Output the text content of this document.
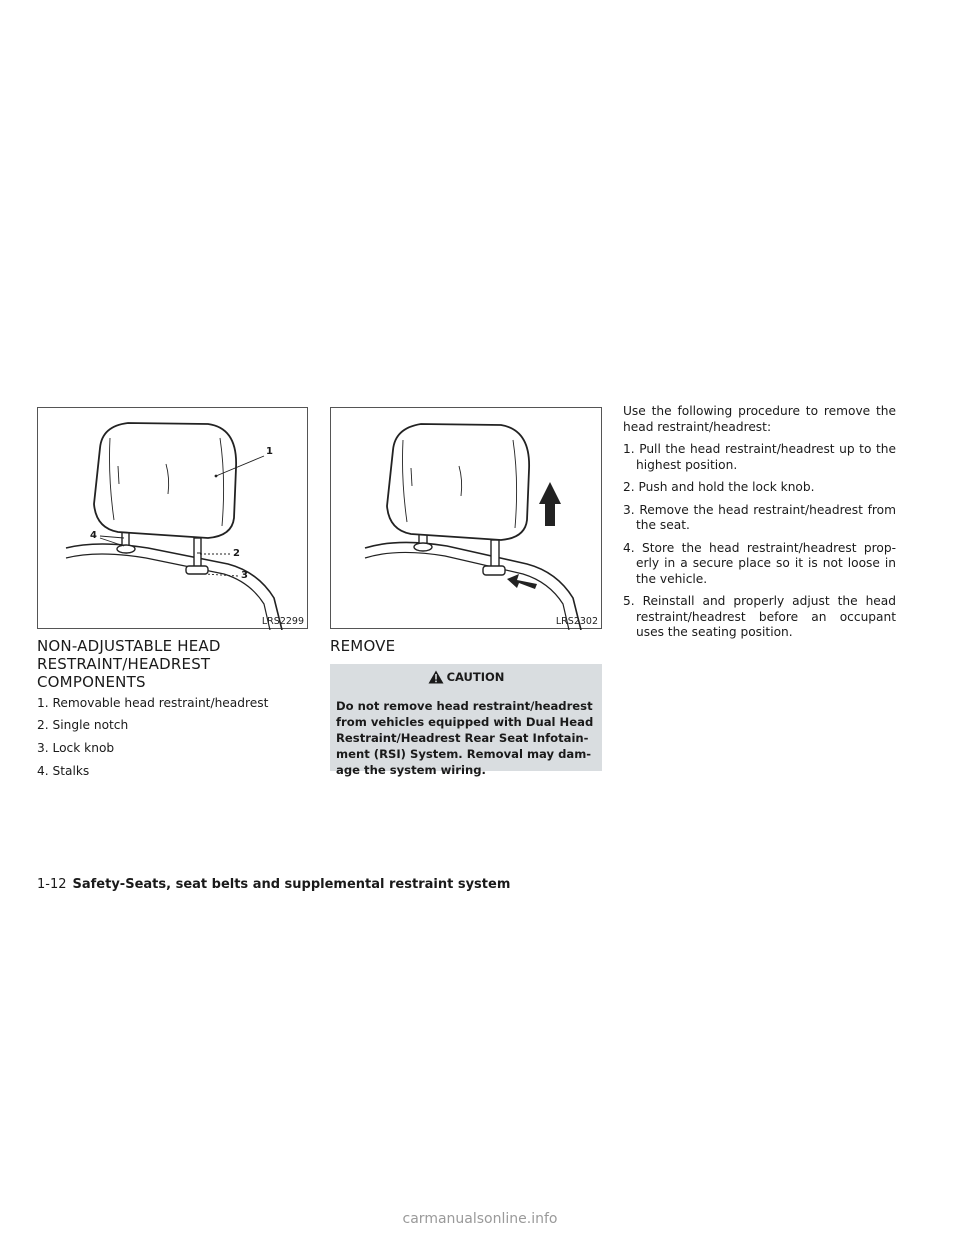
1
2
3
4
LRS2299	LRS2302
NON-ADJUSTABLE HEAD
RESTRAINT/HEADREST
COMPONENTS
1. Removable head restraint/headrest
2. Single notch
3. Lock knob
4. Stalks
REMOVE
CAUTION
Do not remove head restraint/headrest from vehicles equipped with Dual Head Restraint/Headrest Rear Seat Infotain- ment (RSI) System. Removal may dam- age the system wiring.

Use the following procedure to remove the head restraint/headrest:

1. Pull the head restraint/headrest up to the highest position.

2. Push and hold the lock knob.

3. Remove the head restraint/headrest from the seat.

4. Store the head restraint/headrest prop- erly in a secure place so it is not loose in the vehicle.

5. Reinstall and properly adjust the head restraint/headrest before an occupant uses the seating position.

1-12 Safety-Seats, seat belts and supplemental restraint system
carmanualsonline.info
